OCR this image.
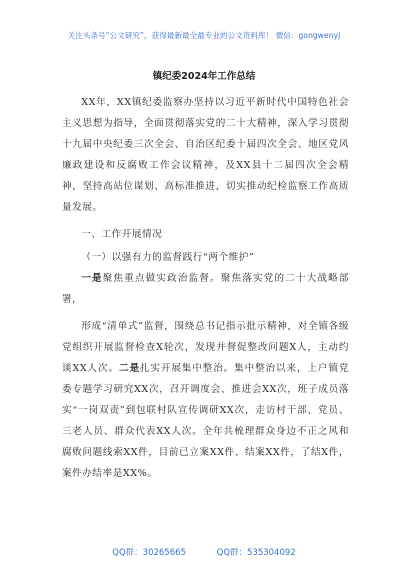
关注头条号“公文研究”，获得最新最全最专业的公文资料库！ 微信：gongwenyj
镇纪委2024年工作总结

XX年，XX镇纪委监察办坚持以习近平新时代中国特色社会主义思想为指导，全面贯彻落实党的二十大精神，深入学习贯彻十九届中央纪委三次全会、自治区纪委十届四次全会、地区党风廉政建设和反腐败工作会议精神，及XX县十二届四次全会精神，坚持高站位谋划、高标准推进，切实推动纪检监察工作高质量发展。

一、工作开展情况

（一）以强有力的监督践行“两个维护”

一是聚焦重点做实政治监督。聚焦落实党的二十大战略部署，

形成“清单式”监督，围绕总书记指示批示精神，对全镇各级党组织开展监督检查X轮次，发现并督促整改问题X人，主动约谈XX人次。二是扎实开展集中整治。集中整治以来，上户镇党委专题学习研究XX次，召开调度会、推进会XX次，班子成员落实“一岗双责”到包联村队宣传调研XX次，走访村干部、党员、三老人员、群众代表XX人次。全年共梳理群众身边不正之风和腐败问题线索XX件，目前已立案XX件、结案XX件，了结X件，案件办结率是XX%。

QQ群：30265665	QQ群：535304092
